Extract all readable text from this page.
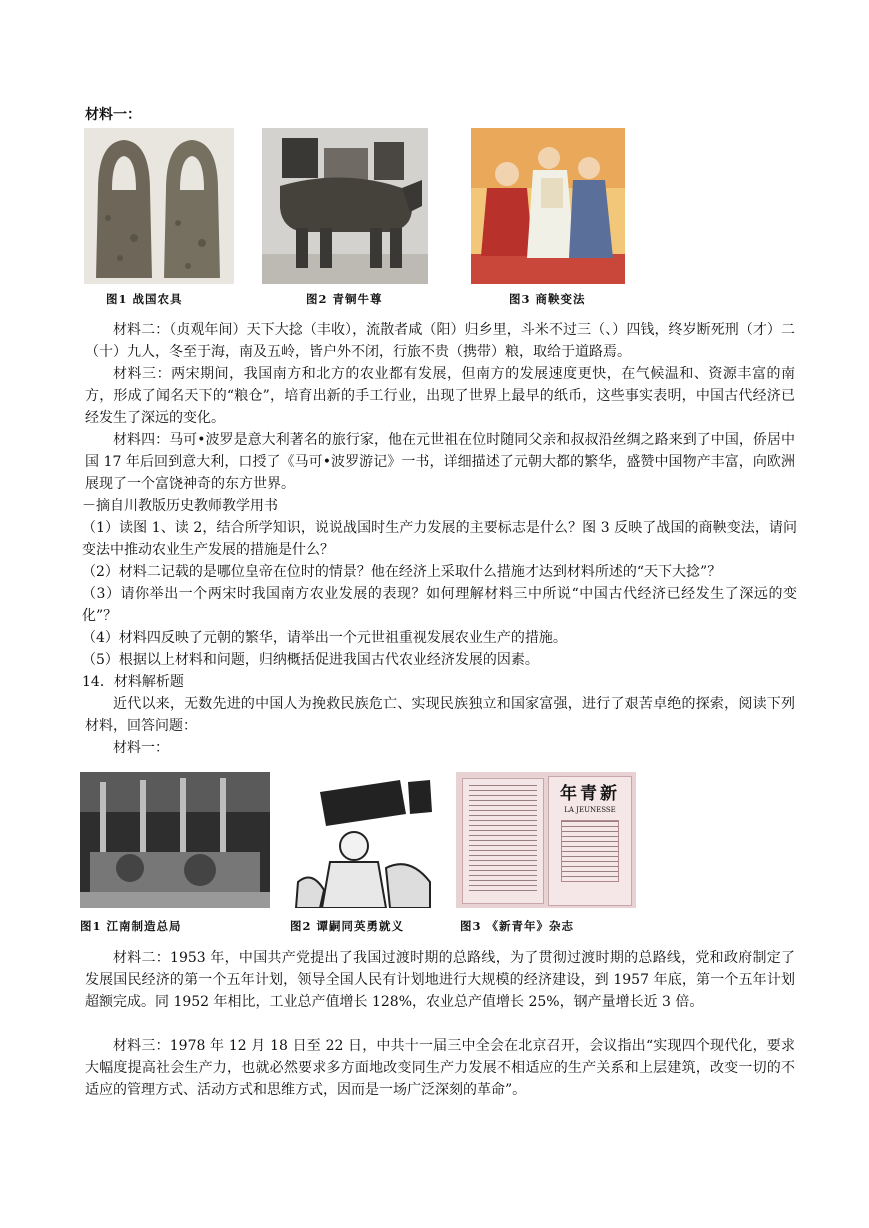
材料一：
图1 战国农具	图2 青铜牛尊	图3 商鞅变法
材料二：（贞观年间）天下大捻（丰收），流散者咸（阳）归乡里，斗米不过三（、）四钱，终岁断死刑（才）二（十）九人，冬至于海，南及五岭，皆户外不闭，行旅不贵（携带）粮，取给于道路焉。
材料三：两宋期间，我国南方和北方的农业都有发展，但南方的发展速度更快，在气候温和、资源丰富的南方，形成了闻名天下的“粮仓”，培育出新的手工行业，出现了世界上最早的纸币，这些事实表明，中国古代经济已经发生了深远的变化。
材料四：马可•波罗是意大利著名的旅行家，他在元世祖在位时随同父亲和叔叔沿丝绸之路来到了中国，侨居中国 17 年后回到意大利，口授了《马可•波罗游记》一书，详细描述了元朝大都的繁华，盛赞中国物产丰富，向欧洲展现了一个富饶神奇的东方世界。
－摘自川教版历史教师教学用书
（1）读图 1、读 2，结合所学知识，说说战国时生产力发展的主要标志是什么？图 3 反映了战国的商鞅变法，请问变法中推动农业生产发展的措施是什么？
（2）材料二记载的是哪位皇帝在位时的情景？他在经济上采取什么措施才达到材料所述的“天下大捻”？
（3）请你举出一个两宋时我国南方农业发展的表现？如何理解材料三中所说“中国古代经济已经发生了深远的变化”？
（4）材料四反映了元朝的繁华，请举出一个元世祖重视发展农业生产的措施。
（5）根据以上材料和问题，归纳概括促进我国古代农业经济发展的因素。
14．材料解析题
近代以来，无数先进的中国人为挽救民族危亡、实现民族独立和国家富强，进行了艰苦卓绝的探索，阅读下列材料，回答问题：
材料一：
图1 江南制造总局	图2 谭嗣同英勇就义
年青新
LA JEUNESSE
图3 《新青年》杂志
材料二：1953 年，中国共产党提出了我国过渡时期的总路线，为了贯彻过渡时期的总路线，党和政府制定了发展国民经济的第一个五年计划，领导全国人民有计划地进行大规模的经济建设，到 1957 年底，第一个五年计划超额完成。同 1952 年相比，工业总产值增长 128%，农业总产值增长 25%，钢产量增长近 3 倍。
材料三：1978 年 12 月 18 日至 22 日，中共十一届三中全会在北京召开，会议指出“实现四个现代化，要求大幅度提高社会生产力，也就必然要求多方面地改变同生产力发展不相适应的生产关系和上层建筑，改变一切的不适应的管理方式、活动方式和思维方式，因而是一场广泛深刻的革命”。
